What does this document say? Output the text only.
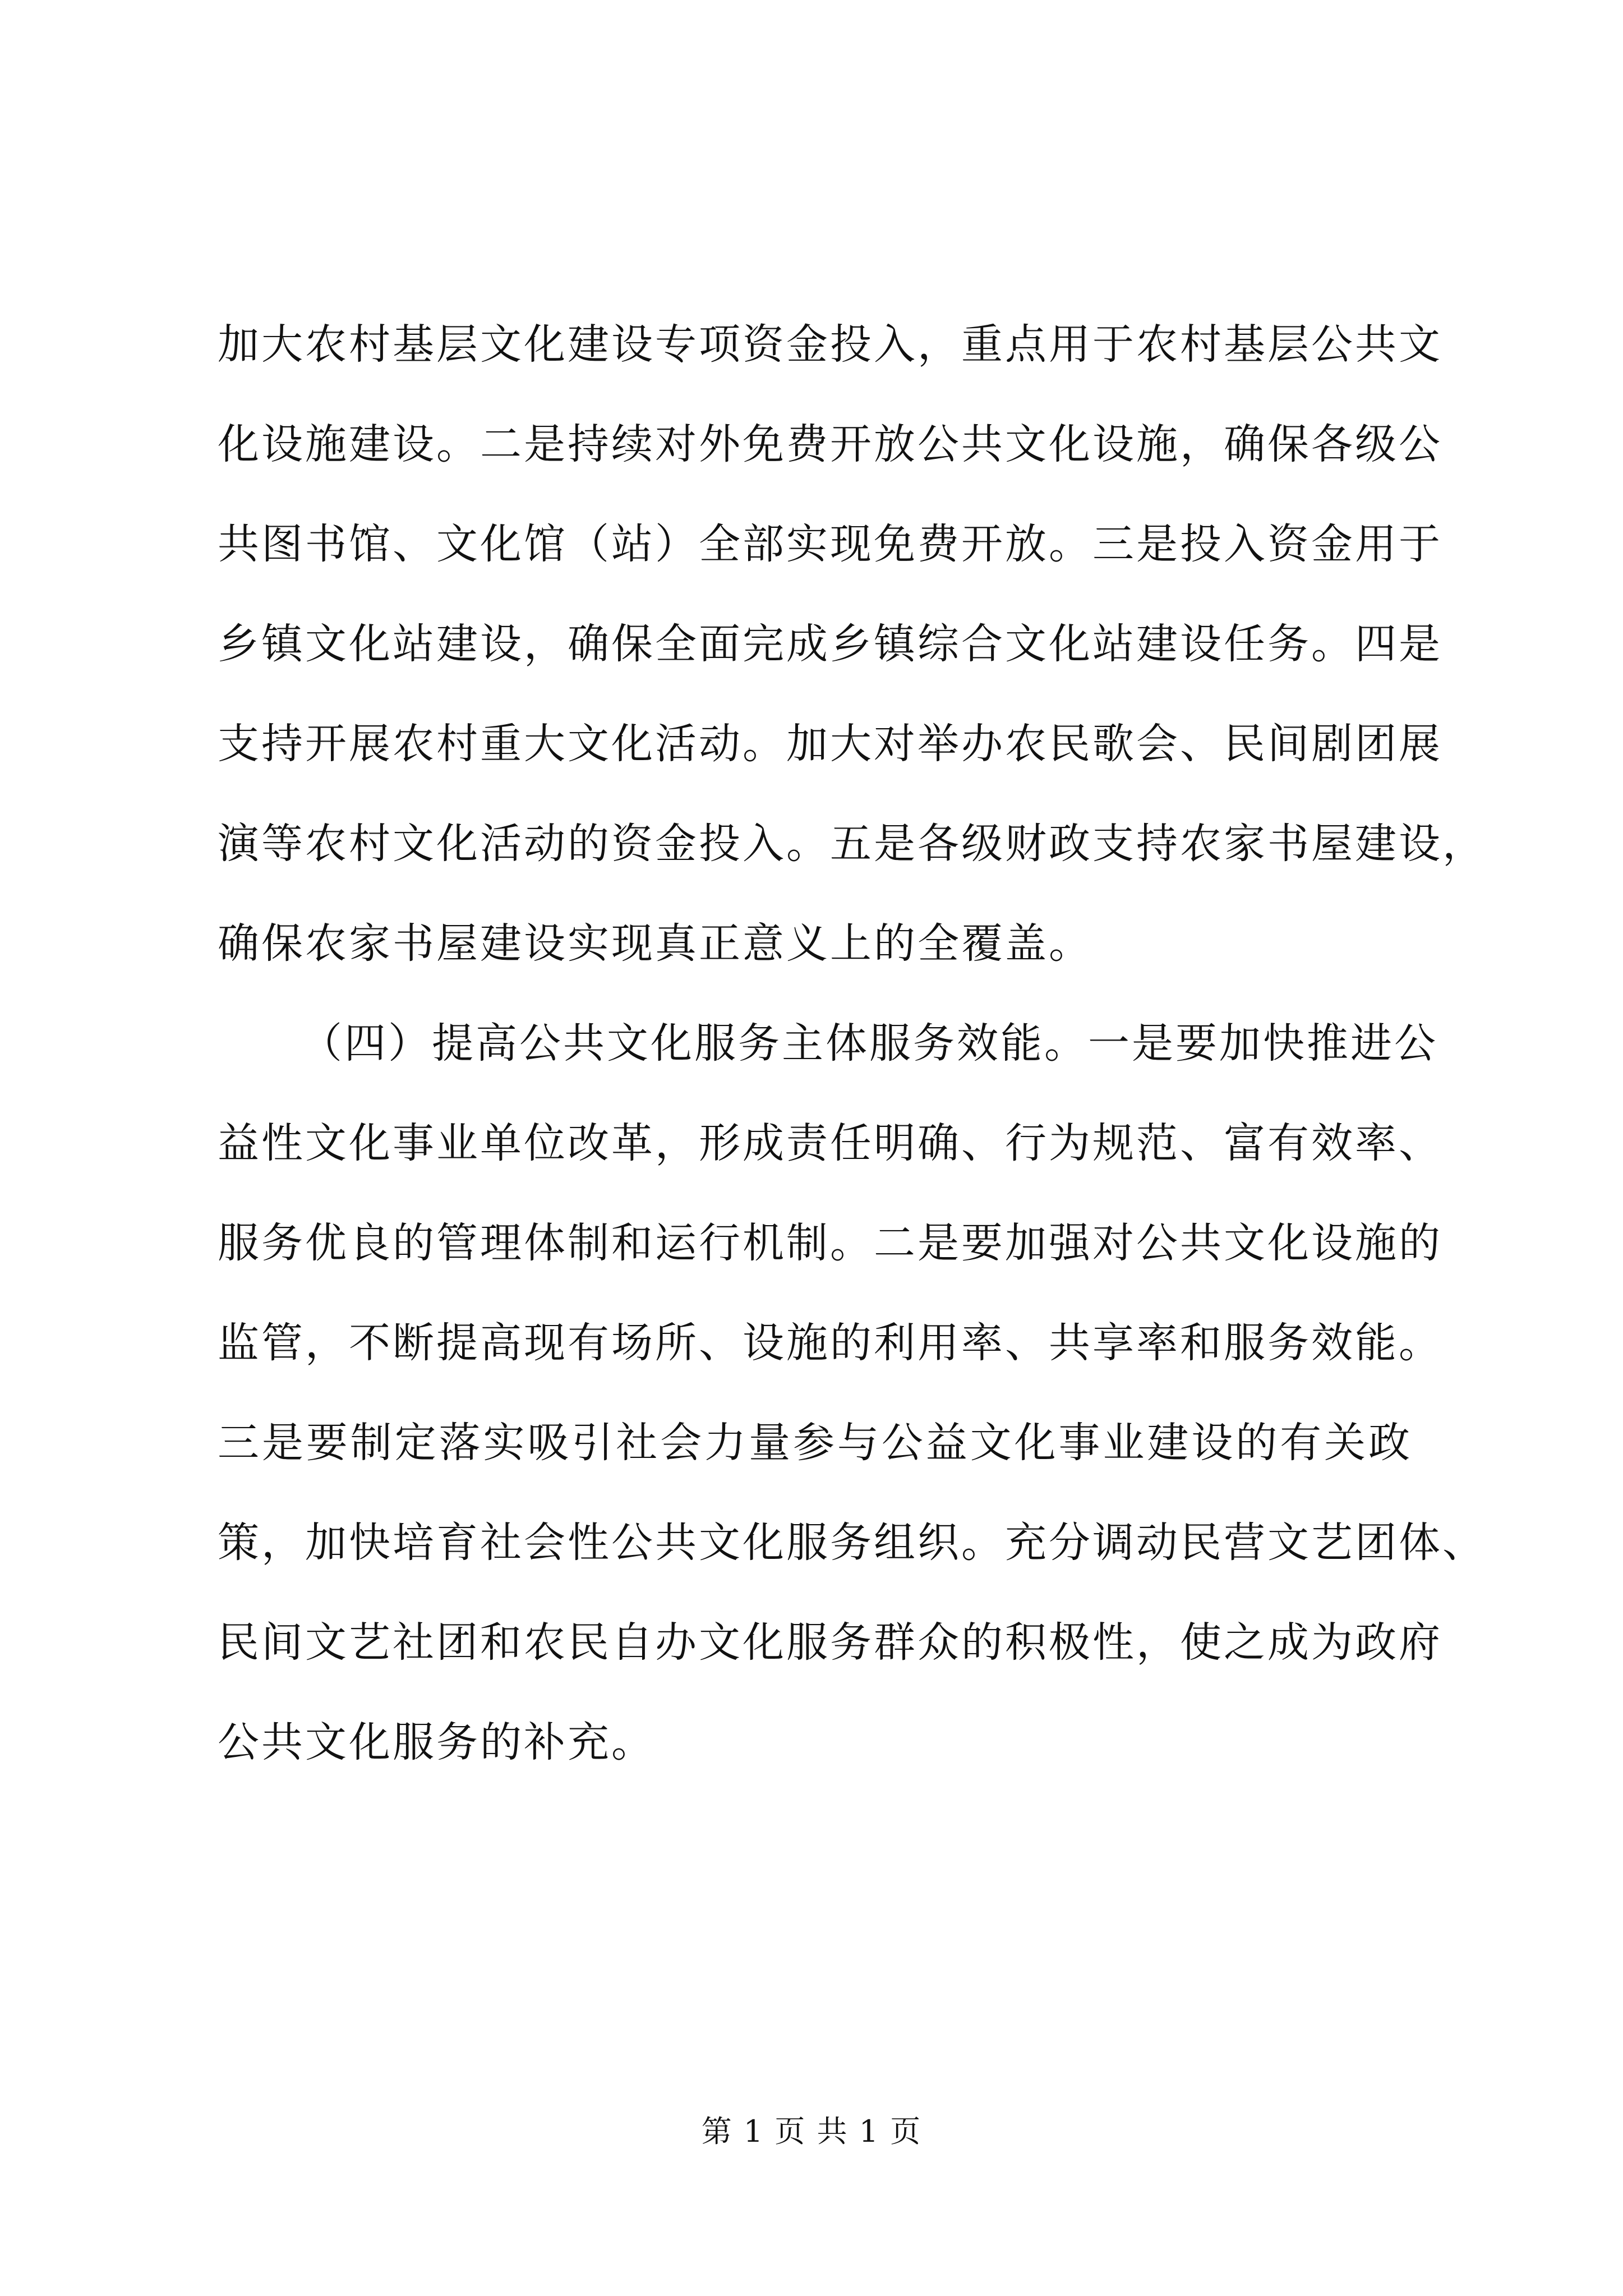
加大农村基层文化建设专项资金投入，重点用于农村基层公共文
化设施建设。二是持续对外免费开放公共文化设施，确保各级公
共图书馆、文化馆（站）全部实现免费开放。三是投入资金用于
乡镇文化站建设，确保全面完成乡镇综合文化站建设任务。四是
支持开展农村重大文化活动。加大对举办农民歌会、民间剧团展
演等农村文化活动的资金投入。五是各级财政支持农家书屋建设，
确保农家书屋建设实现真正意义上的全覆盖。
（四）提高公共文化服务主体服务效能。一是要加快推进公
益性文化事业单位改革，形成责任明确、行为规范、富有效率、
服务优良的管理体制和运行机制。二是要加强对公共文化设施的
监管，不断提高现有场所、设施的利用率、共享率和服务效能。
三是要制定落实吸引社会力量参与公益文化事业建设的有关政
策，加快培育社会性公共文化服务组织。充分调动民营文艺团体、
民间文艺社团和农民自办文化服务群众的积极性，使之成为政府
公共文化服务的补充。
第 1 页 共 1 页
